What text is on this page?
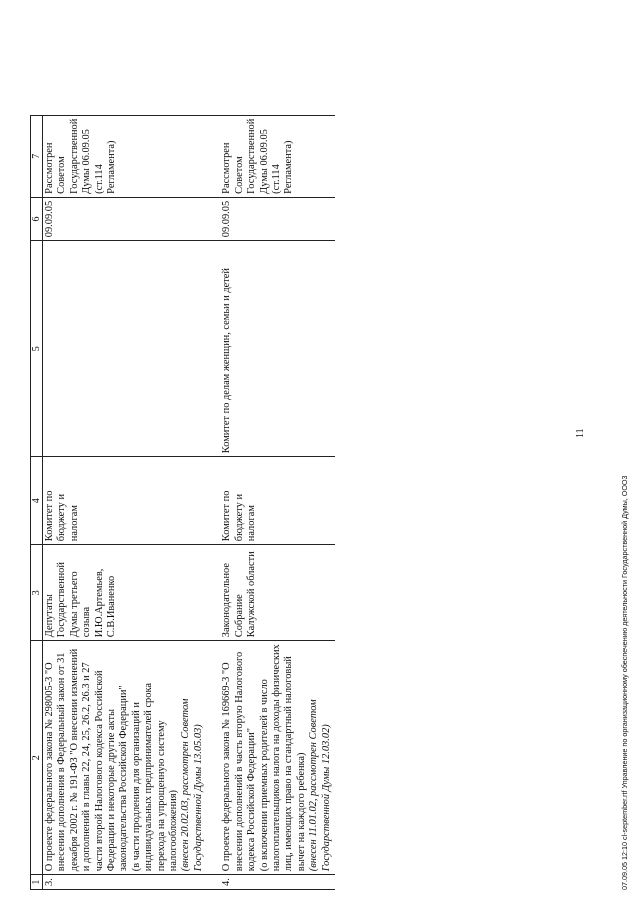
11
1	2	3	4	5	6	7
3.	О проекте федерального закона № 298005-3 "О внесении дополнения в Федеральный закон от 31 декабря 2002 г. № 191-ФЗ "О внесении изменений и дополнений в главы 22, 24, 25, 26.2, 26.3 и 27 части второй Налогового кодекса Российской Федерации и некоторые другие акты законодательства Российской Федерации" (в части продления для организаций и индивидуальных предпринимателей срока перехода на упрощенную систему налогообложения) (внесен 20.02.03, рассмотрен Советом Государственной Думы 13.05.03)	Депутаты Государственной Думы третьего созыва И.Ю.Артемьев, С.В.Иваненко	Комитет по бюджету и налогам		09.09.05	Рассмотрен Советом Государственной Думы 06.09.05 (ст.114 Регламента)

4.	О проекте федерального закона № 169669-3 "О внесении дополнений в часть вторую Налогового кодекса Российской Федерации" (о включении приемных родителей в число налогоплательщиков налога на доходы физических лиц, имеющих право на стандартный налоговый вычет на каждого ребенка) (внесен 11.01.02, рассмотрен Советом Государственной Думы 12.03.02)	Законодательное Собрание Калужской области	Комитет по бюджету и налогам	Комитет по делам женщин, семьи и детей	09.09.05	Рассмотрен Советом Государственной Думы 06.09.05 (ст.114 Регламента)
07.09.05 12:10 cl-september.rtf Управление по организационному обеспечению деятельности Государственной Думы, ООО3
